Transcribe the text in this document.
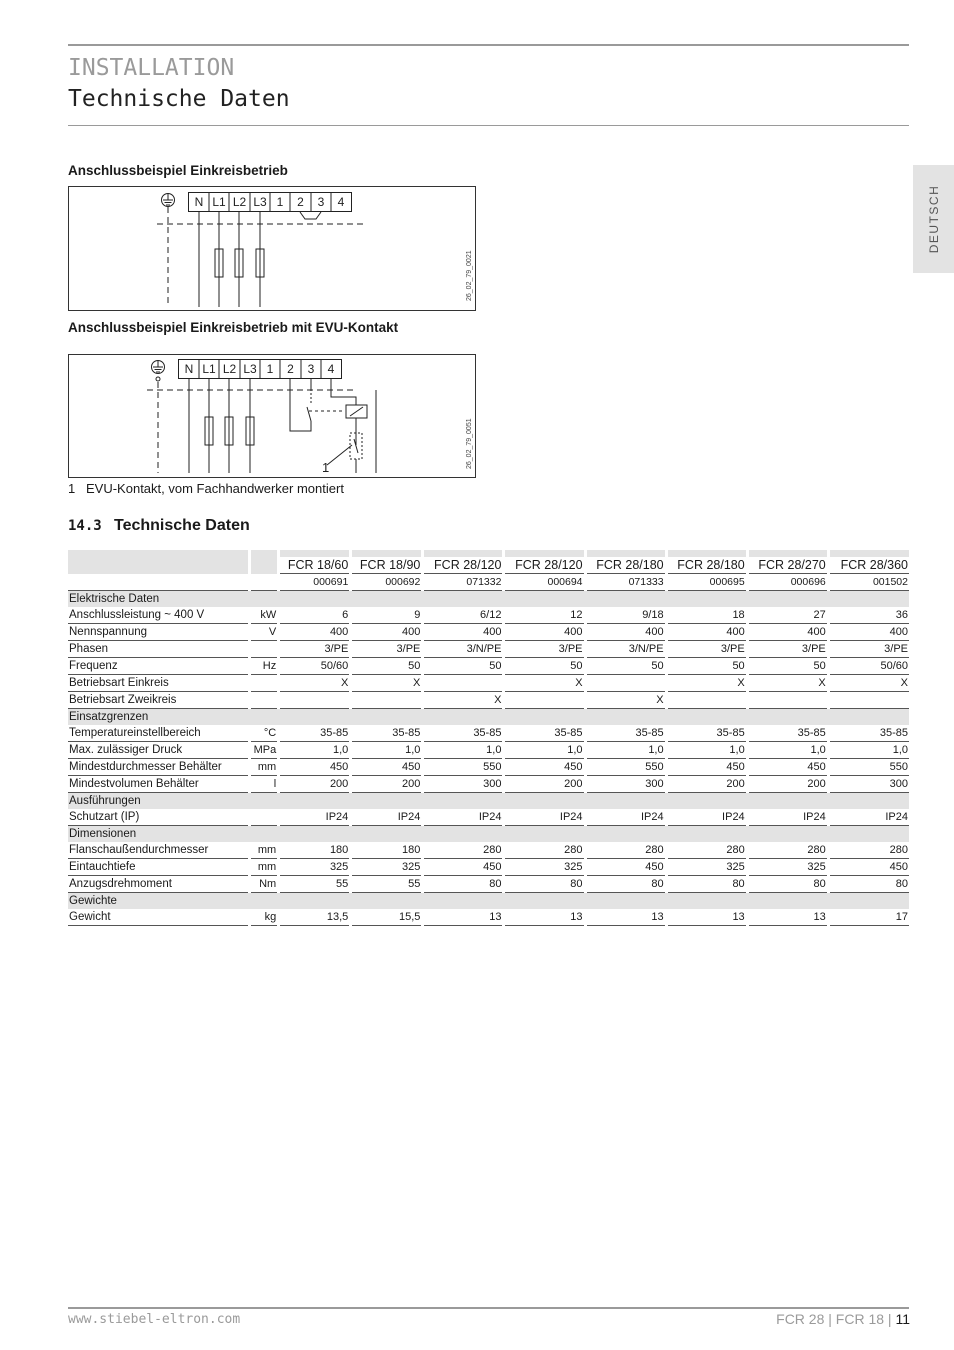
INSTALLATION
Technische Daten
DEUTSCH
Anschlussbeispiel Einkreisbetrieb
N L1 L2 L3 1 2 3 4
26_02_79_0021
Anschlussbeispiel Einkreisbetrieb mit EVU-Kontakt
N L1 L2 L3 1 2 3 4
1	26_02_79_0051
1 EVU-Kontakt, vom Fachhandwerker montiert
14.3 Technische Daten
				FCR 18/60		FCR 18/90		FCR 28/120		FCR 28/120		FCR 28/180		FCR 28/180		FCR 28/270		FCR 28/360
				000691		000692		071332		000694		071333		000695		000696		001502
Elektrische Daten																		
Anschlussleistung ~ 400 V		kW		6		9		6/12		12		9/18		18		27		36
Nennspannung		V		400		400		400		400		400		400		400		400
Phasen				3/PE		3/PE		3/N/PE		3/PE		3/N/PE		3/PE		3/PE		3/PE
Frequenz		Hz		50/60		50		50		50		50		50		50		50/60
Betriebsart Einkreis				X		X				X				X		X		X
Betriebsart Zweikreis								X				X						
Einsatzgrenzen																		
Temperatureinstellbereich		°C		35-85		35-85		35-85		35-85		35-85		35-85		35-85		35-85
Max. zulässiger Druck		MPa		1,0		1,0		1,0		1,0		1,0		1,0		1,0		1,0
Mindestdurchmesser Behälter		mm		450		450		550		450		550		450		450		550
Mindestvolumen Behälter		l		200		200		300		200		300		200		200		300
Ausführungen																		
Schutzart (IP)				IP24		IP24		IP24		IP24		IP24		IP24		IP24		IP24
Dimensionen																		
Flanschaußendurchmesser		mm		180		180		280		280		280		280		280		280
Eintauchtiefe		mm		325		325		450		325		450		325		325		450
Anzugsdrehmoment		Nm		55		55		80		80		80		80		80		80
Gewichte																		
Gewicht		kg		13,5		15,5		13		13		13		13		13		17
www.stiebel-eltron.com	FCR 28 | FCR 18 | 11
